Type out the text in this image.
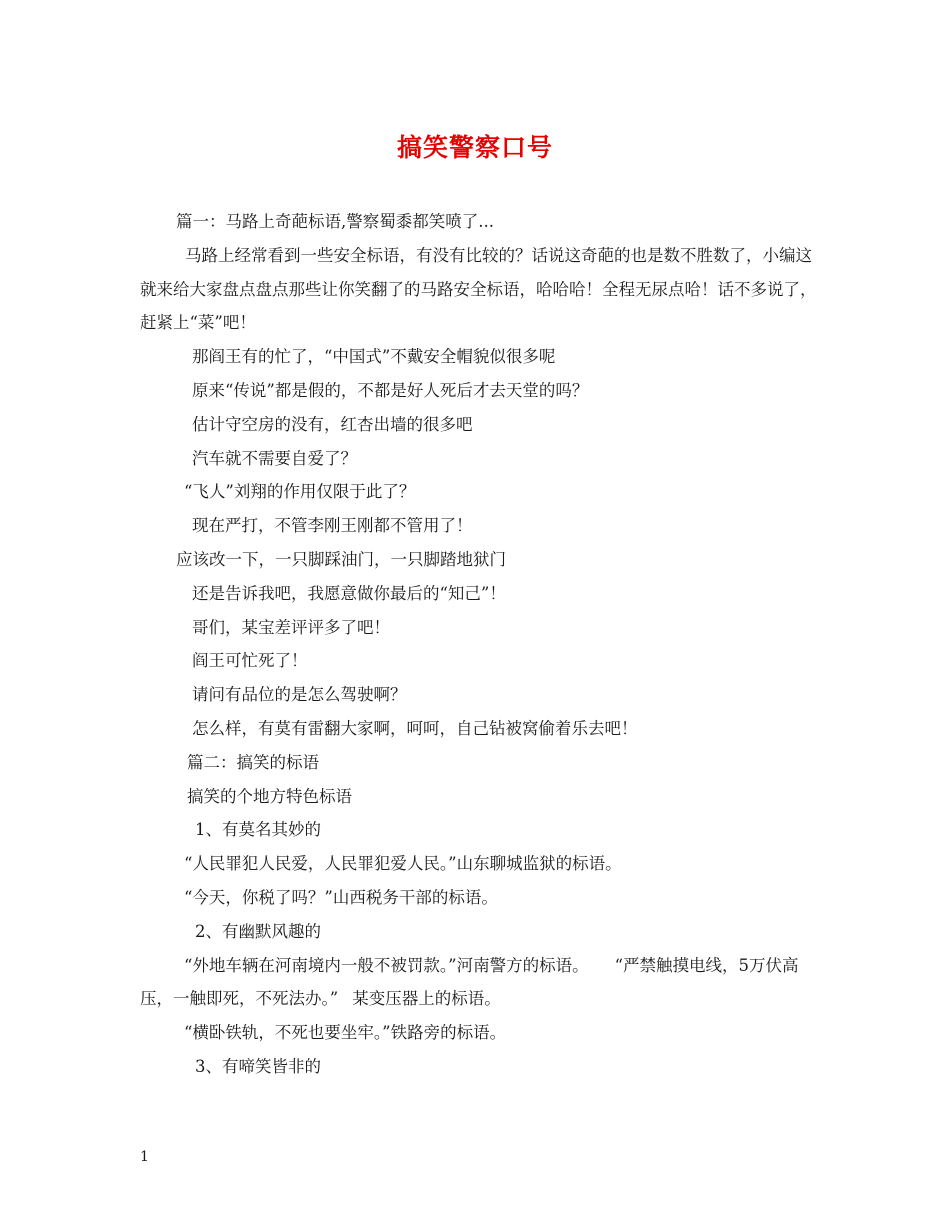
搞笑警察口号
篇一：马路上奇葩标语,警察蜀黍都笑喷了...
马路上经常看到一些安全标语，有没有比较的？话说这奇葩的也是数不胜数了，小编这就来给大家盘点盘点那些让你笑翻了的马路安全标语，哈哈哈！全程无尿点哈！话不多说了，赶紧上“菜”吧！
那阎王有的忙了，“中国式”不戴安全帽貌似很多呢
原来“传说”都是假的，不都是好人死后才去天堂的吗？
估计守空房的没有，红杏出墙的很多吧
汽车就不需要自爱了？
“飞人”刘翔的作用仅限于此了？
现在严打，不管李刚王刚都不管用了！
应该改一下，一只脚踩油门，一只脚踏地狱门
还是告诉我吧，我愿意做你最后的“知己”！
哥们，某宝差评评多了吧！
阎王可忙死了！
请问有品位的是怎么驾驶啊？
怎么样，有莫有雷翻大家啊，呵呵，自己钻被窝偷着乐去吧！
篇二：搞笑的标语
搞笑的个地方特色标语
1、有莫名其妙的
“人民罪犯人民爱，人民罪犯爱人民。”山东聊城监狱的标语。
“今天，你税了吗？”山西税务干部的标语。
2、有幽默风趣的
“外地车辆在河南境内一般不被罚款。”河南警方的标语。 “严禁触摸电线，5万伏高压，一触即死，不死法办。” 某变压器上的标语。
“横卧铁轨，不死也要坐牢。”铁路旁的标语。
3、有啼笑皆非的
1
